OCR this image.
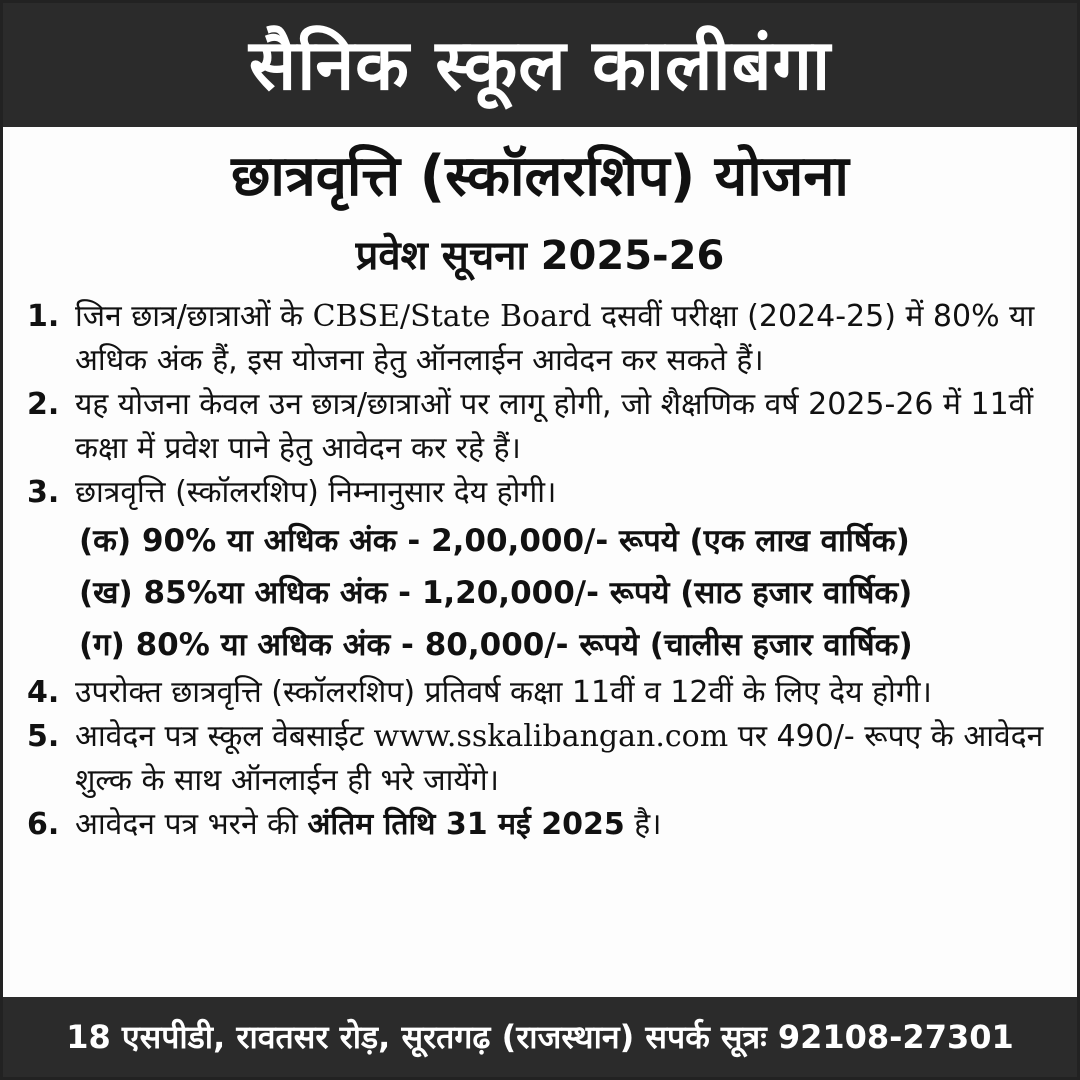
सैनिक स्कूल कालीबंगा
छात्रवृत्ति (स्कॉलरशिप) योजना
प्रवेश सूचना 2025-26
1. जिन छात्र/छात्राओं के CBSE/State Board दसवीं परीक्षा (2024-25) में 80% या अधिक अंक हैं, इस योजना हेतु ऑनलाईन आवेदन कर सकते हैं।
2. यह योजना केवल उन छात्र/छात्राओं पर लागू होगी, जो शैक्षणिक वर्ष 2025-26 में 11वीं कक्षा में प्रवेश पाने हेतु आवेदन कर रहे हैं।
3. छात्रवृत्ति (स्कॉलरशिप) निम्नानुसार देय होगी।
(क) 90% या अधिक अंक - 2,00,000/- रूपये (एक लाख वार्षिक)
(ख) 85%या अधिक अंक - 1,20,000/- रूपये (साठ हजार वार्षिक)
(ग) 80% या अधिक अंक - 80,000/- रूपये (चालीस हजार वार्षिक)
4. उपरोक्त छात्रवृत्ति (स्कॉलरशिप) प्रतिवर्ष कक्षा 11वीं व 12वीं के लिए देय होगी।
5. आवेदन पत्र स्कूल वेबसाईट www.sskalibangan.com पर 490/- रूपए के आवेदन शुल्क के साथ ऑनलाईन ही भरे जायेंगे।
6. आवेदन पत्र भरने की अंतिम तिथि 31 मई 2025 है।
18 एसपीडी, रावतसर रोड़, सूरतगढ़ (राजस्थान) सपर्क सूत्रः 92108-27301
